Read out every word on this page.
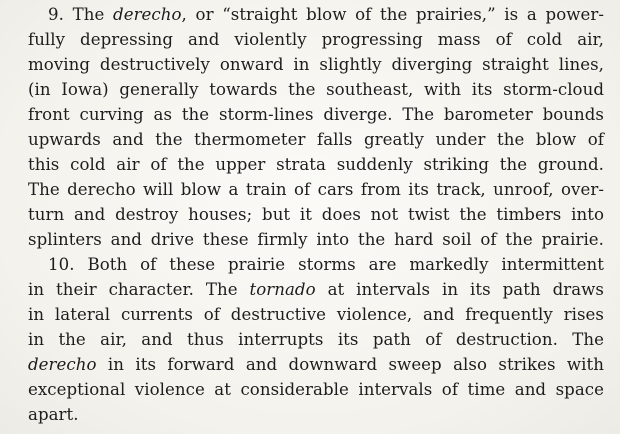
9. The derecho, or “straight blow of the prairies,” is a power-
fully depressing and violently progressing mass of cold air,
moving destructively onward in slightly diverging straight lines,
(in Iowa) generally towards the southeast, with its storm-cloud
front curving as the storm-lines diverge. The barometer bounds
upwards and the thermometer falls greatly under the blow of
this cold air of the upper strata suddenly striking the ground.
The derecho will blow a train of cars from its track, unroof, over-
turn and destroy houses; but it does not twist the timbers into
splinters and drive these firmly into the hard soil of the prairie.
10. Both of these prairie storms are markedly intermittent
in their character. The tornado at intervals in its path draws
in lateral currents of destructive violence, and frequently rises
in the air, and thus interrupts its path of destruction. The
derecho in its forward and downward sweep also strikes with
exceptional violence at considerable intervals of time and space
apart.
